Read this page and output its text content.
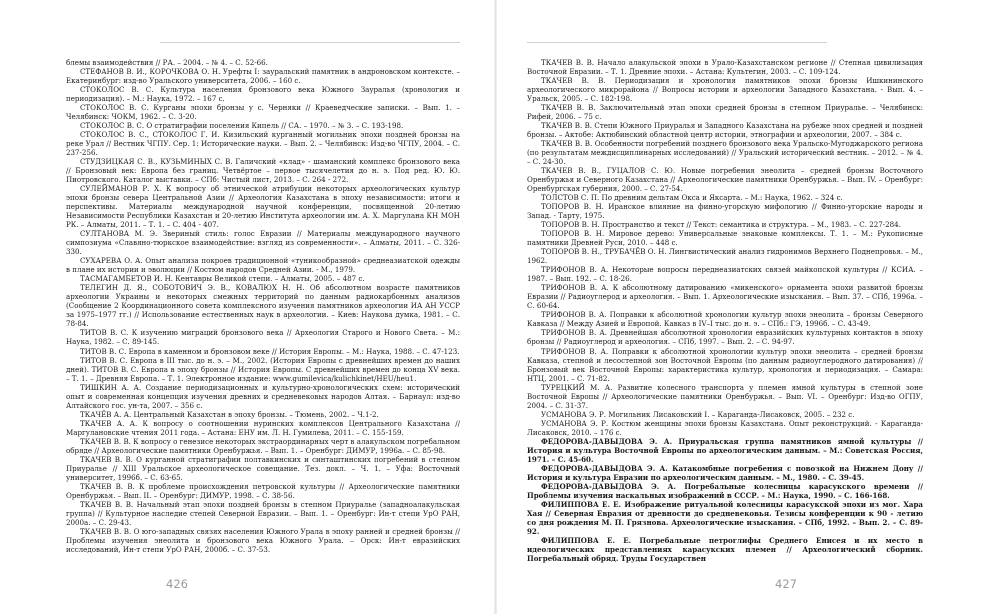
блемы взаимодействия // РА. – 2004. – № 4. – С. 52-66.

СТЕФАНОВ В. И., КОРОЧКОВА О. Н. Урефты I: зауральский памятник в андроновском контексте. – Екатеринбург: изд-во Уральского университета, 2006. – 160 с.

СТОКОЛОС В. С. Культура населения бронзового века Южного Зауралья (хронология и периодизация). – М.: Наука, 1972. – 167 с.

СТОКОЛОС В. С. Курганы эпохи бронзы у с. Черняки // Краеведческие записки. – Вып. 1. – Челябинск: ЧОКМ, 1962. – С. 3-20.

СТОКОЛОС В. С. О стратиграфии поселения Кипель // СА. – 1970. – № 3. – С. 193-198.

СТОКОЛОС В. С., СТОКОЛОС Г. И. Кизильский курганный могильник эпохи поздней бронзы на реке Урал // Вестник ЧГПУ. Сер. 1: Исторические науки. – Вып. 2. – Челябинск: Изд-во ЧГПУ, 2004. – С. 237-256.

СТУДЗИЦКАЯ С. В., КУЗЬМИНЫХ С. В. Галичский «клад» - шаманский комплекс бронзового века // Бронзовый век: Европа без границ. Четвёртое – первое тысячелетия до н. э. Под ред. Ю. Ю. Пиотровского. Каталог выставки. – СПб: Чистый лист, 2013. – С. 264 - 272.

СУЛЕЙМАНОВ Р. Х. К вопросу об этнической атрибуции некоторых археологических культур эпохи бронзы севера Центральной Азии // Археология Казахстана в эпоху независимости: итоги и перспективы. Материалы международной научной конференции, посвященной 20-летию Независимости Республики Казахстан и 20-летию Института археологии им. А. Х. Маргулана КН МОН РК. – Алматы, 2011. – Т. 1. – С. 404 - 407.

СУЛТАНОВА М. Э. Звериный стиль: голос Евразии // Материалы международного научного симпозиума «Славяно-тюркское взаимодействие: взгляд из современности». – Алматы, 2011. – С. 326-330.

СУХАРЕВА О. А. Опыт анализа покроев традиционной «туникообразной» среднеазиатской одежды в плане их истории и эволюции // Костюм народов Средней Азии. - М., 1979.

ТАСМАГАМБЕТОВ И. Н. Кентавры Великой степи. – Алматы, 2005. – 487 с.

ТЕЛЕГИН Д. Я., СОБОТОВИЧ Э. В., КОВАЛЮХ Н. Н. Об абсолютном возрасте памятников археологии Украины и некоторых смежных территорий по данным радиокарбонных анализов (Сообщение 2 Координационного совета комплексного изучения памятников археологии ИА АН УССР за 1975–1977 гг.) // Использование естественных наук в археологии. – Киев: Наукова думка, 1981. – С. 78-84.

ТИТОВ В. С. К изучению миграций бронзового века // Археология Старого и Нового Света. – М.: Наука, 1982. – С. 89-145.

ТИТОВ В. С. Европа в каменном и бронзовом веке // История Европы. – М.: Наука, 1988. – С. 47-123.

ТИТОВ В. С. Европа в III тыс. до н. э. – М., 2002. (История Европы с древнейших времен до наших дней). ТИТОВ В. С. Европа в эпоху бронзы // История Европы. С древнейших времен до конца XV века. – Т. 1. – Древняя Европа. – Т. 1. Электронное издание: www.gumilevica/kulichkinet/HEU/heu1.

ТИШКИН А. А. Создание периодизационных и культурно-хронологических схем: исторический опыт и современная концепция изучения древних и средневековых народов Алтая. – Барнаул: изд-во Алтайского гос. ун-та, 2007. – 356 с.

ТКАЧЁВ А. А. Центральный Казахстан в эпоху бронзы. – Тюмень, 2002. – Ч.1-2.

ТКАЧЕВ А. А. К вопросу о соотношении нуринских комплексов Центрального Казахстана // Маргулановские чтения 2011 года. – Астана: ЕНУ им. Л. Н. Гумилева, 2011. – С. 155-159.

ТКАЧЕВ В. В. К вопросу о генезисе некоторых экстраординарных черт в алакульском погребальном обряде // Археологические памятники Оренбуржья. – Вып. 1. – Оренбург: ДИМУР, 1996а. – С. 85-98.

ТКАЧЕВ В. В. О курганной стратиграфии полтавкинских и синташтинских погребений в степном Приуралье // XIII Уральское археологическое совещание. Тез. докл. – Ч. 1. – Уфа: Восточный университет, 1996б. – С. 63-65.

ТКАЧЕВ В. В. К проблеме происхождения петровской культуры // Археологические памятники Оренбуржья. – Вып. II. – Оренбург: ДИМУР, 1998. – С. 38-56.

ТКАЧЕВ В. В. Начальный этап эпохи поздней бронзы в степном Приуралье (западноалакульская группа) // Культурное наследие степей Северной Евразии. – Вып. 1. – Оренбург: Ин-т степи УрО РАН, 2000а. – С. 29-43.

ТКАЧЕВ В. В. О юго-западных связях населения Южного Урала в эпоху ранней и средней бронзы // Проблемы изучения энеолита и бронзового века Южного Урала. – Орск: Ин-т евразийских исследований, Ин-т степи УрО РАН, 2000б. – С. 37-53.

426

ТКАЧЕВ В. В. Начало алакульской эпохи в Урало-Казахстанском регионе // Степная цивилизация Восточной Евразии. – Т. 1. Древние эпохи. – Астана: Культегин, 2003. – С. 109-124.

ТКАЧЕВ В. В. Периодизация и хронология памятников эпохи бронзы Ишкининского археологического микрорайона // Вопросы истории и археологии Западного Казахстана. - Вып. 4. – Уральск, 2005. – С. 182-198.

ТКАЧЕВ В. В. Заключительный этап эпохи средней бронзы в степном Приуралье. – Челябинск: Рифей, 2006. – 75 с.

ТКАЧЕВ В. В. Степи Южного Приуралья и Западного Казахстана на рубеже эпох средней и поздней бронзы. – Актобе: Актюбинский областной центр истории, этнографии и археологии, 2007. – 384 с.

ТКАЧЕВ В. В. Особенности погребений позднего бронзового века Уральско-Мугоджарского региона (по результатам междисциплинарных исследований) // Уральский исторический вестник. – 2012. – № 4. – С. 24-30.

ТКАЧЕВ В. В., ГУЦАЛОВ С. Ю. Новые погребения энеолита – средней бронзы Восточного Оренбуржья и Северного Казахстана // Археологические памятники Оренбуржья. – Вып. IV. – Оренбург: Оренбургская губерния, 2000. – С. 27-54.

ТОЛСТОВ С. П. По древним дельтам Окса и Яксарта. – М.: Наука, 1962. – 324 с.

ТОПОРОВ В. Н. Иранское влияние на финно-угорскую мифологию // Финно-угорские народы и Запад. - Тарту, 1975.

ТОПОРОВ В. Н. Пространство и текст // Текст: семантика и структура. – М., 1983. – С. 227-284.

ТОПОРОВ В. Н. Мировое дерево: Универсальные знаковые комплексы. Т. 1. – М.: Рукописные памятники Древней Руси, 2010. – 448 с.

ТОПОРОВ В. Н., ТРУБАЧЁВ О. Н. Лингвистический анализ гидронимов Верхнего Поднепровья. – М., 1962.

ТРИФОНОВ В. А. Некоторые вопросы переднеазиатских связей майкопской культуры // КСИА. – 1987. – Вып. 192. – С. 18-26.

ТРИФОНОВ В. А. К абсолютному датированию «микенского» орнамента эпохи развитой бронзы Евразии // Радиоуглерод и археология. – Вып. 1. Археологические изыскания. – Вып. 37. – СПб, 1996а. – С. 60-64.

ТРИФОНОВ В. А. Поправки к абсолютной хронологии культур эпохи энеолита – бронзы Северного Кавказа // Между Азией и Европой. Кавказ в IV–I тыс. до н. э. – СПб.: ГЭ, 1996б. – С. 43-49.

ТРИФОНОВ В. А. Древнейшая абсолютной хронологии евразийских культурных контактов в эпоху бронзы // Радиоуглерод и археология. – СПб, 1997. – Вып. 2. – С. 94-97.

ТРИФОНОВ В. А. Поправки к абсолютной хронологии культур эпохи энеолита – средней бронзы Кавказа, степной и лесостепной зон Восточной Европы (по данным радиоуглеродного датирования) // Бронзовый век Восточной Европы: характеристика культур, хронология и периодизация. – Самара: НТЦ, 2001. – С. 71-82.

ТУРЕЦКИЙ М. А. Развитие колесного транспорта у племен ямной культуры в степной зоне Восточной Европы // Археологические памятники Оренбуржья. – Вып. VI. – Оренбург: Изд-во ОГПУ, 2004. – С. 31-37.

УСМАНОВА Э. Р. Могильник Лисаковский I. – Караганда-Лисаковск, 2005. – 232 с.

УСМАНОВА Э. Р. Костюм женщины эпохи бронзы Казахстана. Опыт реконструкций. - Караганда-Лисаковск, 2010. – 176 с.

ФЕДОРОВА-ДАВЫДОВА Э. А. Приуральская группа памятников ямной культуры // История и культура Восточной Европы по археологическим данным. – М.: Советская Россия, 1971. – С. 45-60.

ФЕДОРОВА-ДАВЫДОВА Э. А. Катакомбные погребения с повозкой на Нижнем Дону // История и культура Евразии по археологическим данным. – М., 1980. – С. 39-45.

ФЕДОРОВА-ДАВЫДОВА Э. А. Погребальные колесницы карасукского времени // Проблемы изучения наскальных изображений в СССР. – М.: Наука, 1990. – С. 166-168.

ФИЛИППОВА Е. Е. Изображение ритуальной колесницы карасукской эпохи из мог. Хара Хая // Северная Евразия от древности до средневековья. Тезисы конференции к 90 - летию со дня рождения М. П. Грязнова. Археологические изыскания. – СПб, 1992. – Вып. 2. – С. 89-92.

ФИЛИППОВА Е. Е. Погребальные петроглифы Среднего Енисея и их место в идеологических представлениях карасукских племен // Археологический сборник. Погребальный обряд. Труды Государствен

427
